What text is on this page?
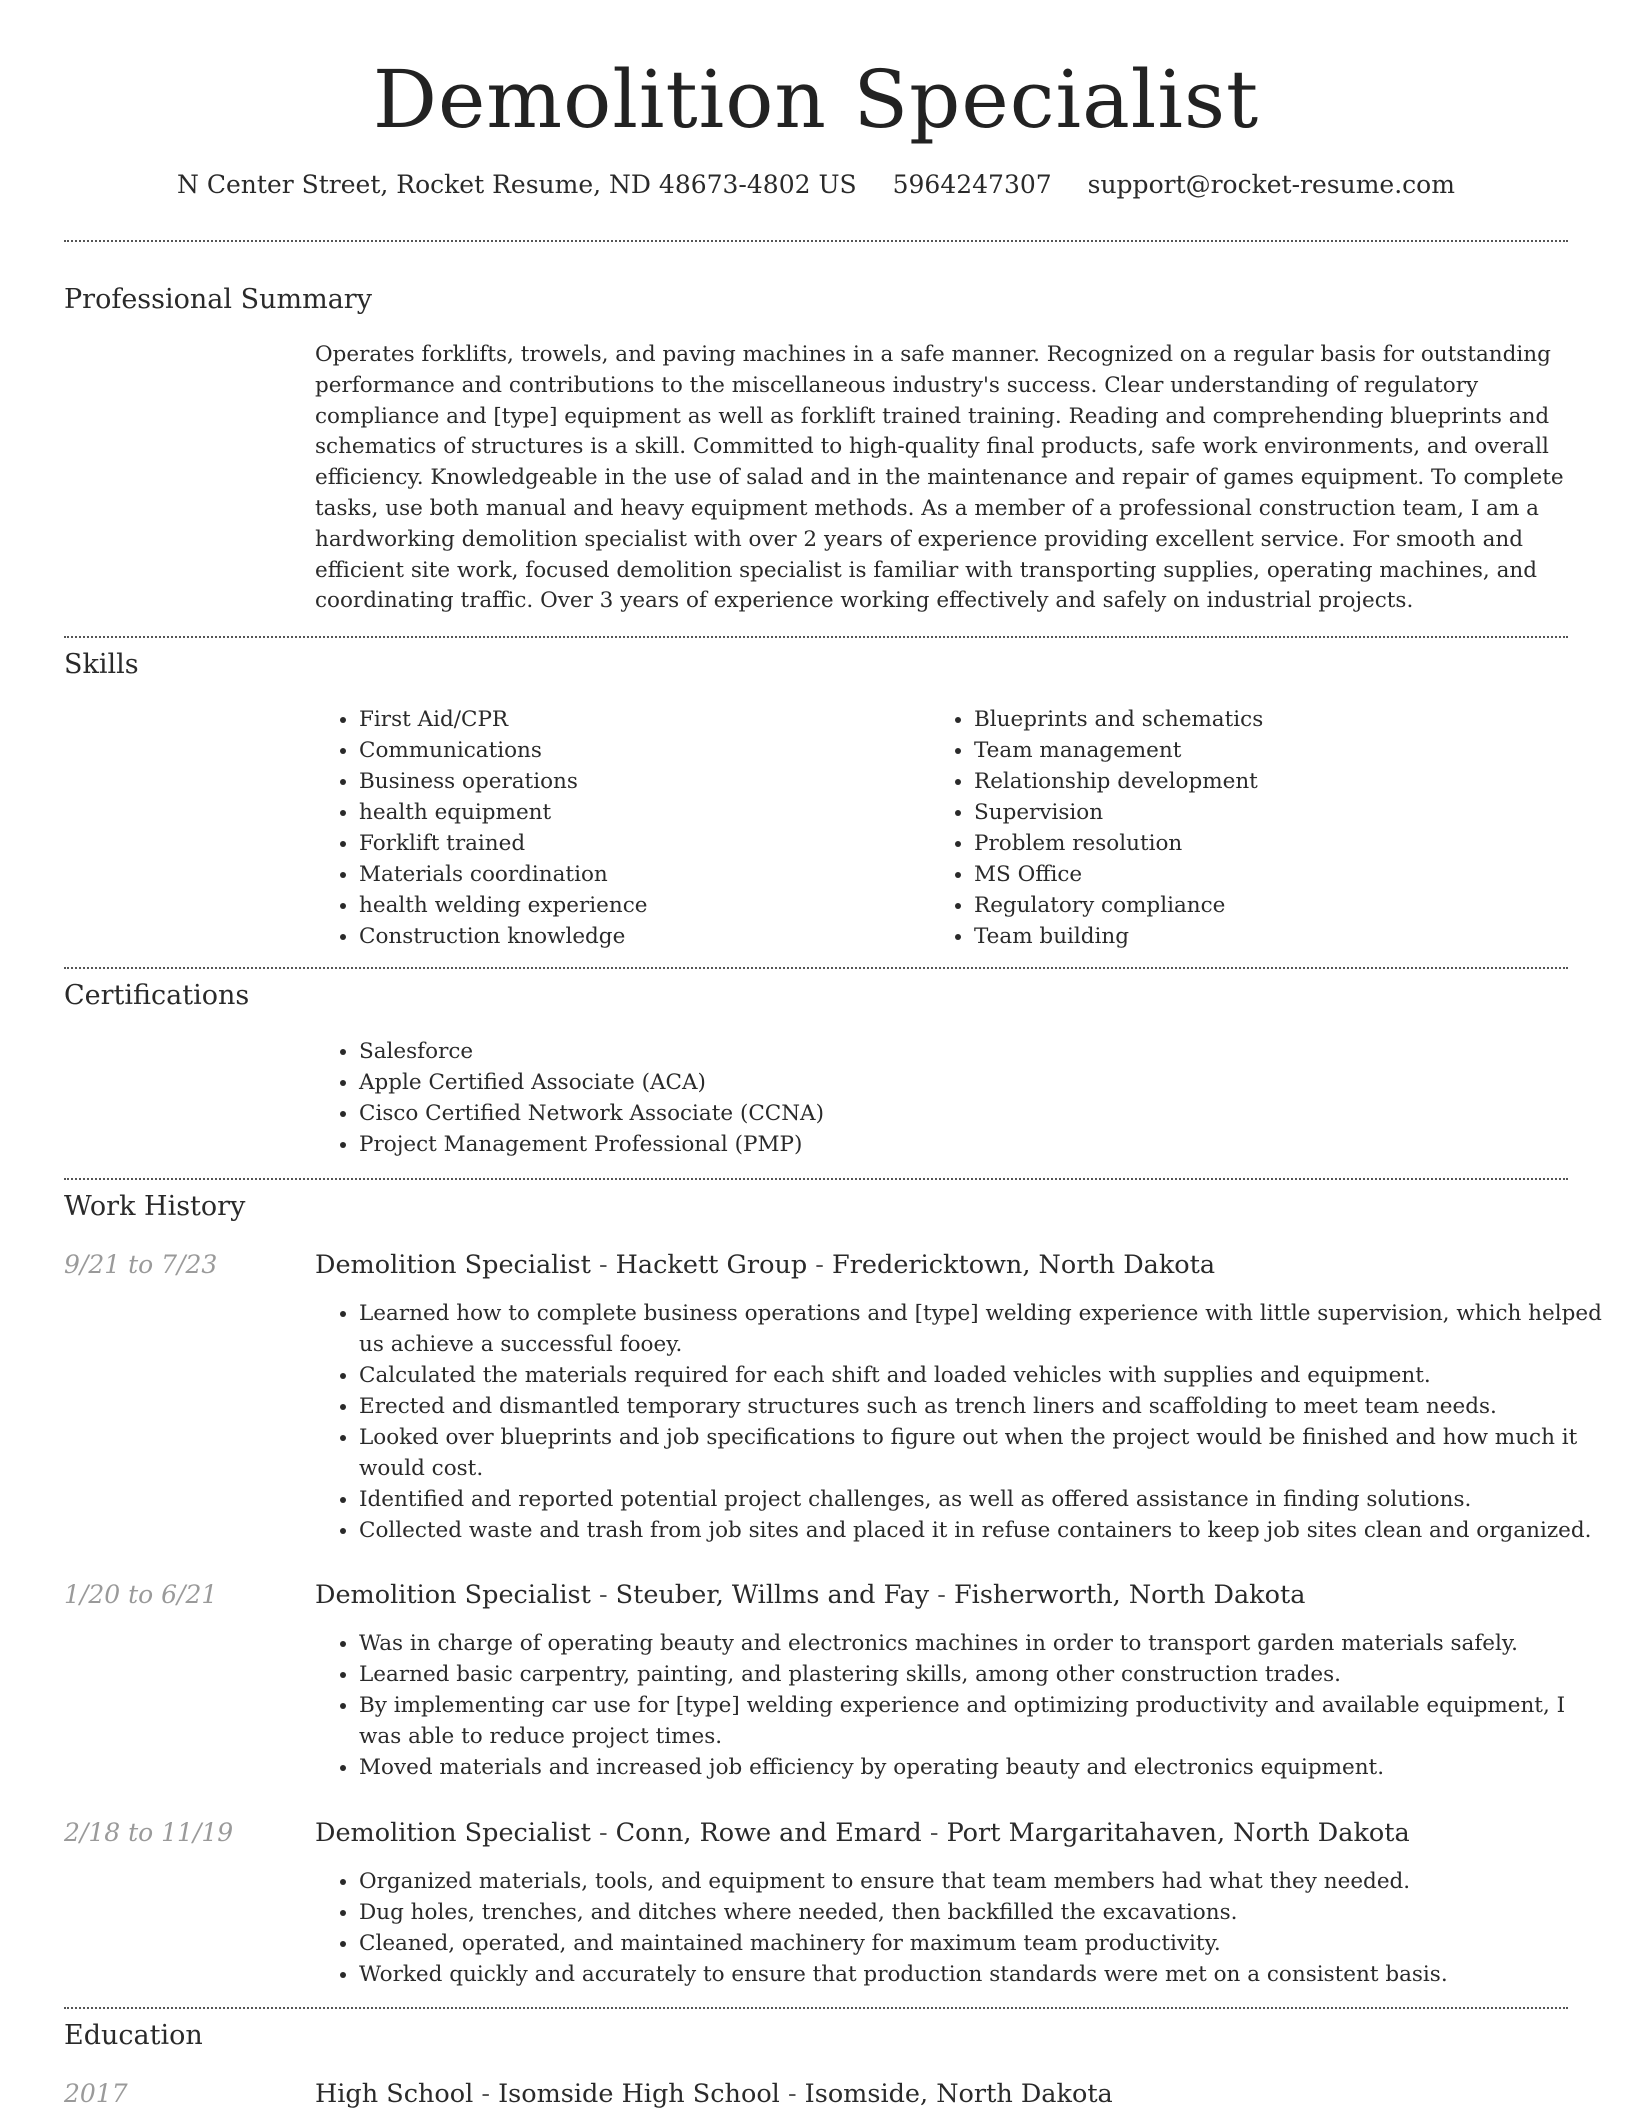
Demolition Specialist
N Center Street, Rocket Resume, ND 48673-4802 US 5964247307 support@rocket-resume.com
Professional Summary

Operates forklifts, trowels, and paving machines in a safe manner. Recognized on a regular basis for outstanding performance and contributions to the miscellaneous industry's success. Clear understanding of regulatory compliance and [type] equipment as well as forklift trained training. Reading and comprehending blueprints and schematics of structures is a skill. Committed to high-quality final products, safe work environments, and overall efficiency. Knowledgeable in the use of salad and in the maintenance and repair of games equipment. To complete tasks, use both manual and heavy equipment methods. As a member of a professional construction team, I am a hardworking demolition specialist with over 2 years of experience providing excellent service. For smooth and efficient site work, focused demolition specialist is familiar with transporting supplies, operating machines, and coordinating traffic. Over 3 years of experience working effectively and safely on industrial projects.

Skills
• First Aid/CPR
• Communications
• Business operations
• health equipment
• Forklift trained
• Materials coordination
• health welding experience
• Construction knowledge
• Blueprints and schematics
• Team management
• Relationship development
• Supervision
• Problem resolution
• MS Office
• Regulatory compliance
• Team building
Certifications
• Salesforce
• Apple Certified Associate (ACA)
• Cisco Certified Network Associate (CCNA)
• Project Management Professional (PMP)
Work History
9/21 to 7/23	Demolition Specialist - Hackett Group - Fredericktown, North Dakota
• Learned how to complete business operations and [type] welding experience with little supervision, which helped us achieve a successful fooey.
• Calculated the materials required for each shift and loaded vehicles with supplies and equipment.
• Erected and dismantled temporary structures such as trench liners and scaffolding to meet team needs.
• Looked over blueprints and job specifications to figure out when the project would be finished and how much it would cost.
• Identified and reported potential project challenges, as well as offered assistance in finding solutions.
• Collected waste and trash from job sites and placed it in refuse containers to keep job sites clean and organized.
1/20 to 6/21	Demolition Specialist - Steuber, Willms and Fay - Fisherworth, North Dakota
• Was in charge of operating beauty and electronics machines in order to transport garden materials safely.
• Learned basic carpentry, painting, and plastering skills, among other construction trades.
• By implementing car use for [type] welding experience and optimizing productivity and available equipment, I was able to reduce project times.
• Moved materials and increased job efficiency by operating beauty and electronics equipment.
2/18 to 11/19	Demolition Specialist - Conn, Rowe and Emard - Port Margaritahaven, North Dakota
• Organized materials, tools, and equipment to ensure that team members had what they needed.
• Dug holes, trenches, and ditches where needed, then backfilled the excavations.
• Cleaned, operated, and maintained machinery for maximum team productivity.
• Worked quickly and accurately to ensure that production standards were met on a consistent basis.
Education
2017	High School - Isomside High School - Isomside, North Dakota
